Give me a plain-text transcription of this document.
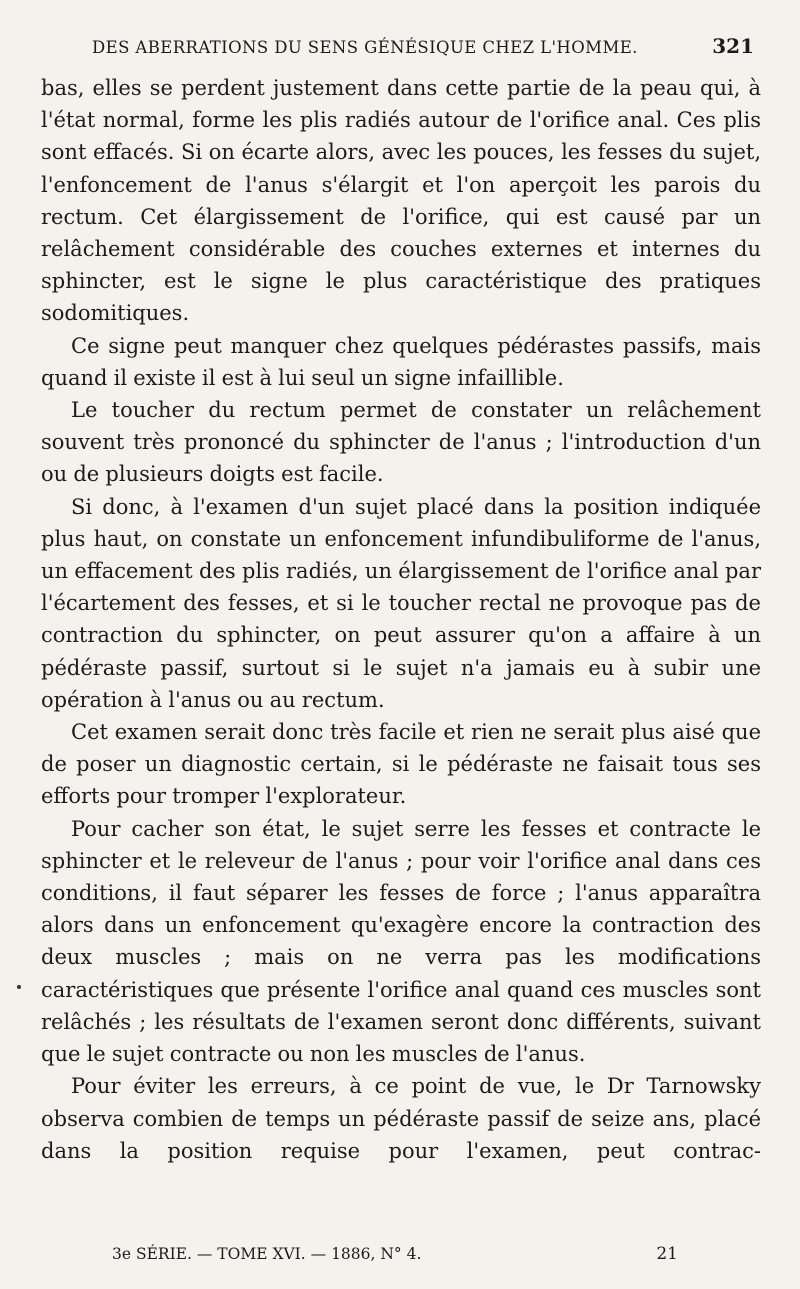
DES ABERRATIONS DU SENS GÉNÉSIQUE CHEZ L'HOMME.	321

bas, elles se perdent justement dans cette partie de la peau qui, à l'état normal, forme les plis radiés autour de l'orifice anal. Ces plis sont effacés. Si on écarte alors, avec les pouces, les fesses du sujet, l'enfoncement de l'anus s'élargit et l'on aperçoit les parois du rectum. Cet élargissement de l'orifice, qui est causé par un relâchement considérable des couches externes et internes du sphincter, est le signe le plus caractéristique des pratiques sodomitiques.

Ce signe peut manquer chez quelques pédérastes passifs, mais quand il existe il est à lui seul un signe infaillible.

Le toucher du rectum permet de constater un relâchement souvent très prononcé du sphincter de l'anus ; l'introduction d'un ou de plusieurs doigts est facile.

Si donc, à l'examen d'un sujet placé dans la position indiquée plus haut, on constate un enfoncement infundibuliforme de l'anus, un effacement des plis radiés, un élargissement de l'orifice anal par l'écartement des fesses, et si le toucher rectal ne provoque pas de contraction du sphincter, on peut assurer qu'on a affaire à un pédéraste passif, surtout si le sujet n'a jamais eu à subir une opération à l'anus ou au rectum.

Cet examen serait donc très facile et rien ne serait plus aisé que de poser un diagnostic certain, si le pédéraste ne faisait tous ses efforts pour tromper l'explorateur.

Pour cacher son état, le sujet serre les fesses et contracte le sphincter et le releveur de l'anus ; pour voir l'orifice anal dans ces conditions, il faut séparer les fesses de force ; l'anus apparaîtra alors dans un enfoncement qu'exagère encore la contraction des deux muscles ; mais on ne verra pas les modifications caractéristiques que présente l'orifice anal quand ces muscles sont relâchés ; les résultats de l'examen seront donc différents, suivant que le sujet contracte ou non les muscles de l'anus.

Pour éviter les erreurs, à ce point de vue, le Dr Tarnowsky observa combien de temps un pédéraste passif de seize ans, placé dans la position requise pour l'examen, peut contrac-

3e SÉRIE. — TOME XVI. — 1886, N° 4.	21
